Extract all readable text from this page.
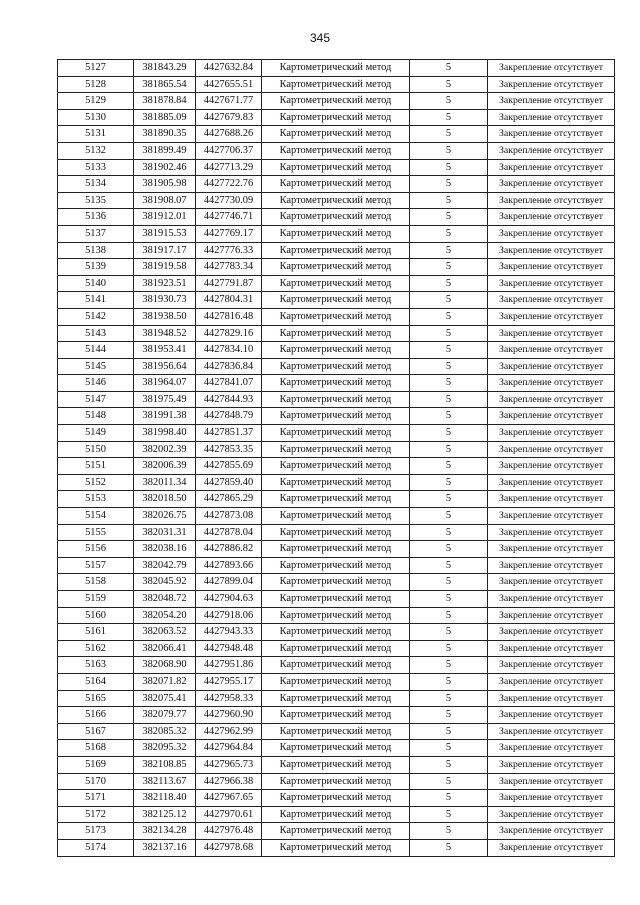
345
5127	381843.29	4427632.84	Картометрический метод	5	Закрепление отсутствует
5128	381865.54	4427655.51	Картометрический метод	5	Закрепление отсутствует
5129	381878.84	4427671.77	Картометрический метод	5	Закрепление отсутствует
5130	381885.09	4427679.83	Картометрический метод	5	Закрепление отсутствует
5131	381890.35	4427688.26	Картометрический метод	5	Закрепление отсутствует
5132	381899.49	4427706.37	Картометрический метод	5	Закрепление отсутствует
5133	381902.46	4427713.29	Картометрический метод	5	Закрепление отсутствует
5134	381905.98	4427722.76	Картометрический метод	5	Закрепление отсутствует
5135	381908.07	4427730.09	Картометрический метод	5	Закрепление отсутствует
5136	381912.01	4427746.71	Картометрический метод	5	Закрепление отсутствует
5137	381915.53	4427769.17	Картометрический метод	5	Закрепление отсутствует
5138	381917.17	4427776.33	Картометрический метод	5	Закрепление отсутствует
5139	381919.58	4427783.34	Картометрический метод	5	Закрепление отсутствует
5140	381923.51	4427791.87	Картометрический метод	5	Закрепление отсутствует
5141	381930.73	4427804.31	Картометрический метод	5	Закрепление отсутствует
5142	381938.50	4427816.48	Картометрический метод	5	Закрепление отсутствует
5143	381948.52	4427829.16	Картометрический метод	5	Закрепление отсутствует
5144	381953.41	4427834.10	Картометрический метод	5	Закрепление отсутствует
5145	381956.64	4427836.84	Картометрический метод	5	Закрепление отсутствует
5146	381964.07	4427841.07	Картометрический метод	5	Закрепление отсутствует
5147	381975.49	4427844.93	Картометрический метод	5	Закрепление отсутствует
5148	381991.38	4427848.79	Картометрический метод	5	Закрепление отсутствует
5149	381998.40	4427851.37	Картометрический метод	5	Закрепление отсутствует
5150	382002.39	4427853.35	Картометрический метод	5	Закрепление отсутствует
5151	382006.39	4427855.69	Картометрический метод	5	Закрепление отсутствует
5152	382011.34	4427859.40	Картометрический метод	5	Закрепление отсутствует
5153	382018.50	4427865.29	Картометрический метод	5	Закрепление отсутствует
5154	382026.75	4427873.08	Картометрический метод	5	Закрепление отсутствует
5155	382031.31	4427878.04	Картометрический метод	5	Закрепление отсутствует
5156	382038.16	4427886.82	Картометрический метод	5	Закрепление отсутствует
5157	382042.79	4427893.66	Картометрический метод	5	Закрепление отсутствует
5158	382045.92	4427899.04	Картометрический метод	5	Закрепление отсутствует
5159	382048.72	4427904.63	Картометрический метод	5	Закрепление отсутствует
5160	382054.20	4427918.06	Картометрический метод	5	Закрепление отсутствует
5161	382063.52	4427943.33	Картометрический метод	5	Закрепление отсутствует
5162	382066.41	4427948.48	Картометрический метод	5	Закрепление отсутствует
5163	382068.90	4427951.86	Картометрический метод	5	Закрепление отсутствует
5164	382071.82	4427955.17	Картометрический метод	5	Закрепление отсутствует
5165	382075.41	4427958.33	Картометрический метод	5	Закрепление отсутствует
5166	382079.77	4427960.90	Картометрический метод	5	Закрепление отсутствует
5167	382085.32	4427962.99	Картометрический метод	5	Закрепление отсутствует
5168	382095.32	4427964.84	Картометрический метод	5	Закрепление отсутствует
5169	382108.85	4427965.73	Картометрический метод	5	Закрепление отсутствует
5170	382113.67	4427966.38	Картометрический метод	5	Закрепление отсутствует
5171	382118.40	4427967.65	Картометрический метод	5	Закрепление отсутствует
5172	382125.12	4427970.61	Картометрический метод	5	Закрепление отсутствует
5173	382134.28	4427976.48	Картометрический метод	5	Закрепление отсутствует
5174	382137.16	4427978.68	Картометрический метод	5	Закрепление отсутствует
